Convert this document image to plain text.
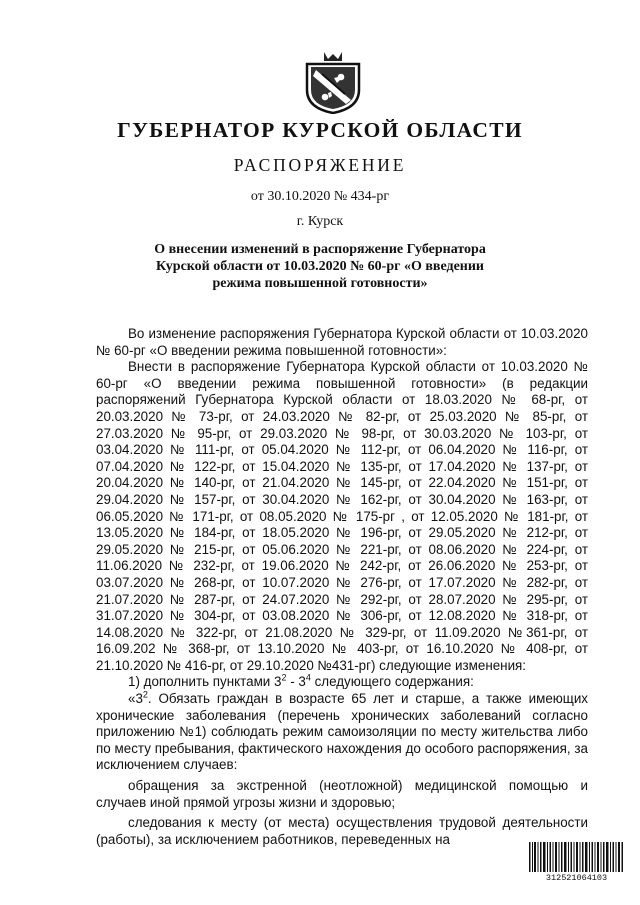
ГУБЕРНАТОР КУРСКОЙ ОБЛАСТИ
РАСПОРЯЖЕНИЕ
от 30.10.2020 № 434-рг
г. Курск
О внесении изменений в распоряжение Губернатора
Курской области от 10.03.2020 № 60-рг «О введении
режима повышенной готовности»

Во изменение распоряжения Губернатора Курской области от 10.03.2020 № 60-рг «О введении режима повышенной готовности»:

Внести в распоряжение Губернатора Курской области от 10.03.2020 № 60-рг «О введении режима повышенной готовности» (в редакции распоряжений Губернатора Курской области от 18.03.2020 № 68-рг, от 20.03.2020 № 73-рг, от 24.03.2020 № 82-рг, от 25.03.2020 № 85-рг, от 27.03.2020 № 95-рг, от 29.03.2020 № 98-рг, от 30.03.2020 № 103-рг, от 03.04.2020 № 111-рг, от 05.04.2020 № 112-рг, от 06.04.2020 № 116-рг, от 07.04.2020 № 122-рг, от 15.04.2020 № 135-рг, от 17.04.2020 № 137-рг, от 20.04.2020 № 140-рг, от 21.04.2020 № 145-рг, от 22.04.2020 № 151-рг, от 29.04.2020 № 157-рг, от 30.04.2020 № 162-рг, от 30.04.2020 № 163-рг, от 06.05.2020 № 171-рг, от 08.05.2020 № 175-рг , от 12.05.2020 № 181-рг, от 13.05.2020 № 184-рг, от 18.05.2020 № 196-рг, от 29.05.2020 № 212-рг, от 29.05.2020 № 215-рг, от 05.06.2020 № 221-рг, от 08.06.2020 № 224-рг, от 11.06.2020 № 232-рг, от 19.06.2020 № 242-рг, от 26.06.2020 № 253-рг, от 03.07.2020 № 268-рг, от 10.07.2020 № 276-рг, от 17.07.2020 № 282-рг, от 21.07.2020 № 287-рг, от 24.07.2020 № 292-рг, от 28.07.2020 № 295-рг, от 31.07.2020 № 304-рг, от 03.08.2020 № 306-рг, от 12.08.2020 № 318-рг, от 14.08.2020 № 322-рг, от 21.08.2020 № 329-рг, от 11.09.2020 №361-рг, от 16.09.202 № 368-рг, от 13.10.2020 № 403-рг, от 16.10.2020 № 408-рг, от 21.10.2020 № 416-рг, от 29.10.2020 №431-рг) следующие изменения:

1) дополнить пунктами $3^2 - 3^4$ следующего содержания:

«$3^2$. Обязать граждан в возрасте 65 лет и старше, а также имеющих хронические заболевания (перечень хронических заболеваний согласно приложению №1) соблюдать режим самоизоляции по месту жительства либо по месту пребывания, фактического нахождения до особого распоряжения, за исключением случаев:

обращения за экстренной (неотложной) медицинской помощью и случаев иной прямой угрозы жизни и здоровью;

следования к месту (от места) осуществления трудовой деятельности (работы), за исключением работников, переведенных на

312521064103
